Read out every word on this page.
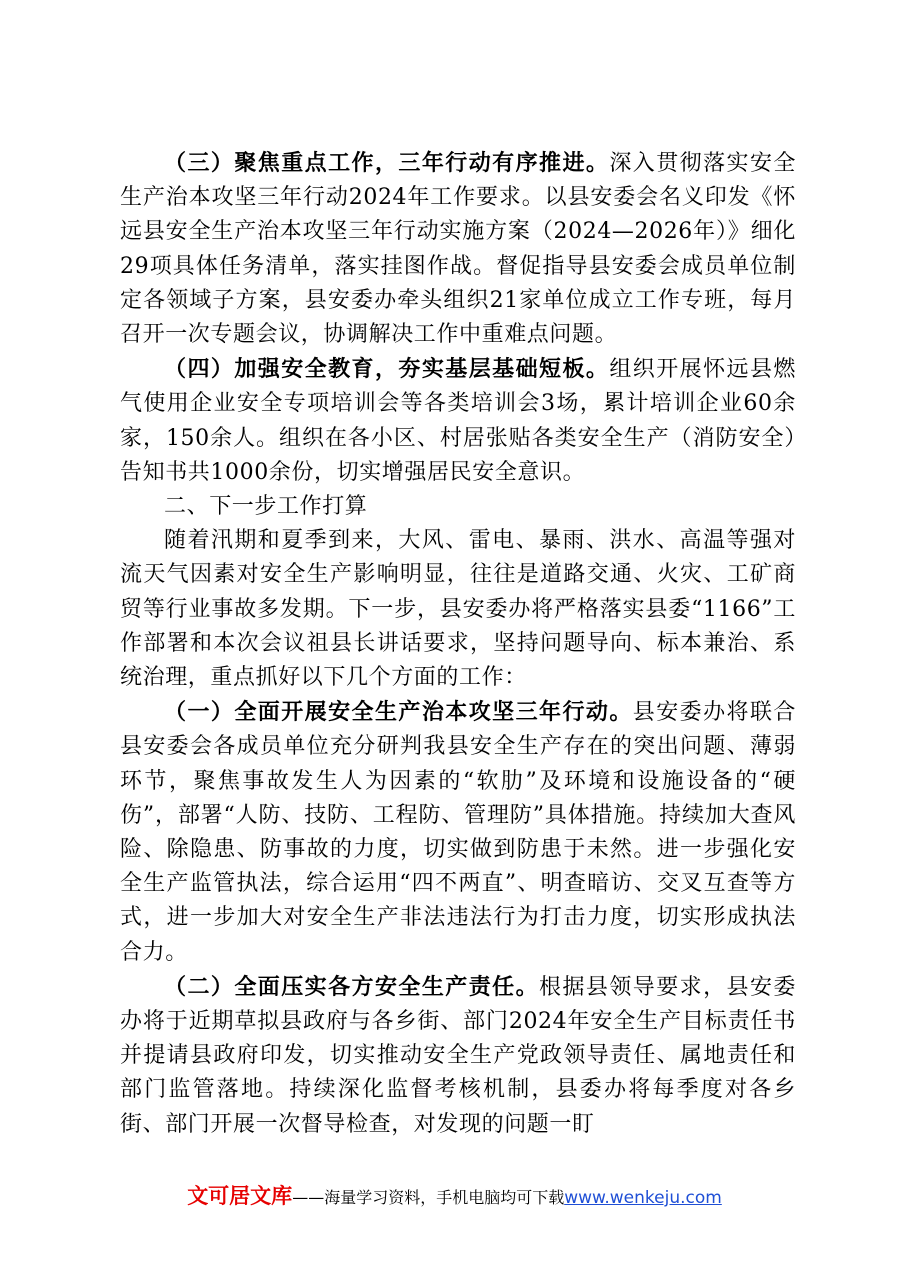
（三）聚焦重点工作，三年行动有序推进。深入贯彻落实安全生产治本攻坚三年行动2024年工作要求。以县安委会名义印发《怀远县安全生产治本攻坚三年行动实施方案（2024—2026年）》细化29项具体任务清单，落实挂图作战。督促指导县安委会成员单位制定各领域子方案，县安委办牵头组织21家单位成立工作专班，每月召开一次专题会议，协调解决工作中重难点问题。

（四）加强安全教育，夯实基层基础短板。组织开展怀远县燃气使用企业安全专项培训会等各类培训会3场，累计培训企业60余家，150余人。组织在各小区、村居张贴各类安全生产（消防安全）告知书共1000余份，切实增强居民安全意识。

二、下一步工作打算

随着汛期和夏季到来，大风、雷电、暴雨、洪水、高温等强对流天气因素对安全生产影响明显，往往是道路交通、火灾、工矿商贸等行业事故多发期。下一步，县安委办将严格落实县委“1166”工作部署和本次会议祖县长讲话要求，坚持问题导向、标本兼治、系统治理，重点抓好以下几个方面的工作：

（一）全面开展安全生产治本攻坚三年行动。县安委办将联合县安委会各成员单位充分研判我县安全生产存在的突出问题、薄弱环节，聚焦事故发生人为因素的“软肋”及环境和设施设备的“硬伤”，部署“人防、技防、工程防、管理防”具体措施。持续加大查风险、除隐患、防事故的力度，切实做到防患于未然。进一步强化安全生产监管执法，综合运用“四不两直”、明查暗访、交叉互查等方式，进一步加大对安全生产非法违法行为打击力度，切实形成执法合力。

（二）全面压实各方安全生产责任。根据县领导要求，县安委办将于近期草拟县政府与各乡街、部门2024年安全生产目标责任书并提请县政府印发，切实推动安全生产党政领导责任、属地责任和部门监管落地。持续深化监督考核机制，县委办将每季度对各乡街、部门开展一次督导检查，对发现的问题一盯

文可居文库——海量学习资料，手机电脑均可下载www.wenkeju.com
